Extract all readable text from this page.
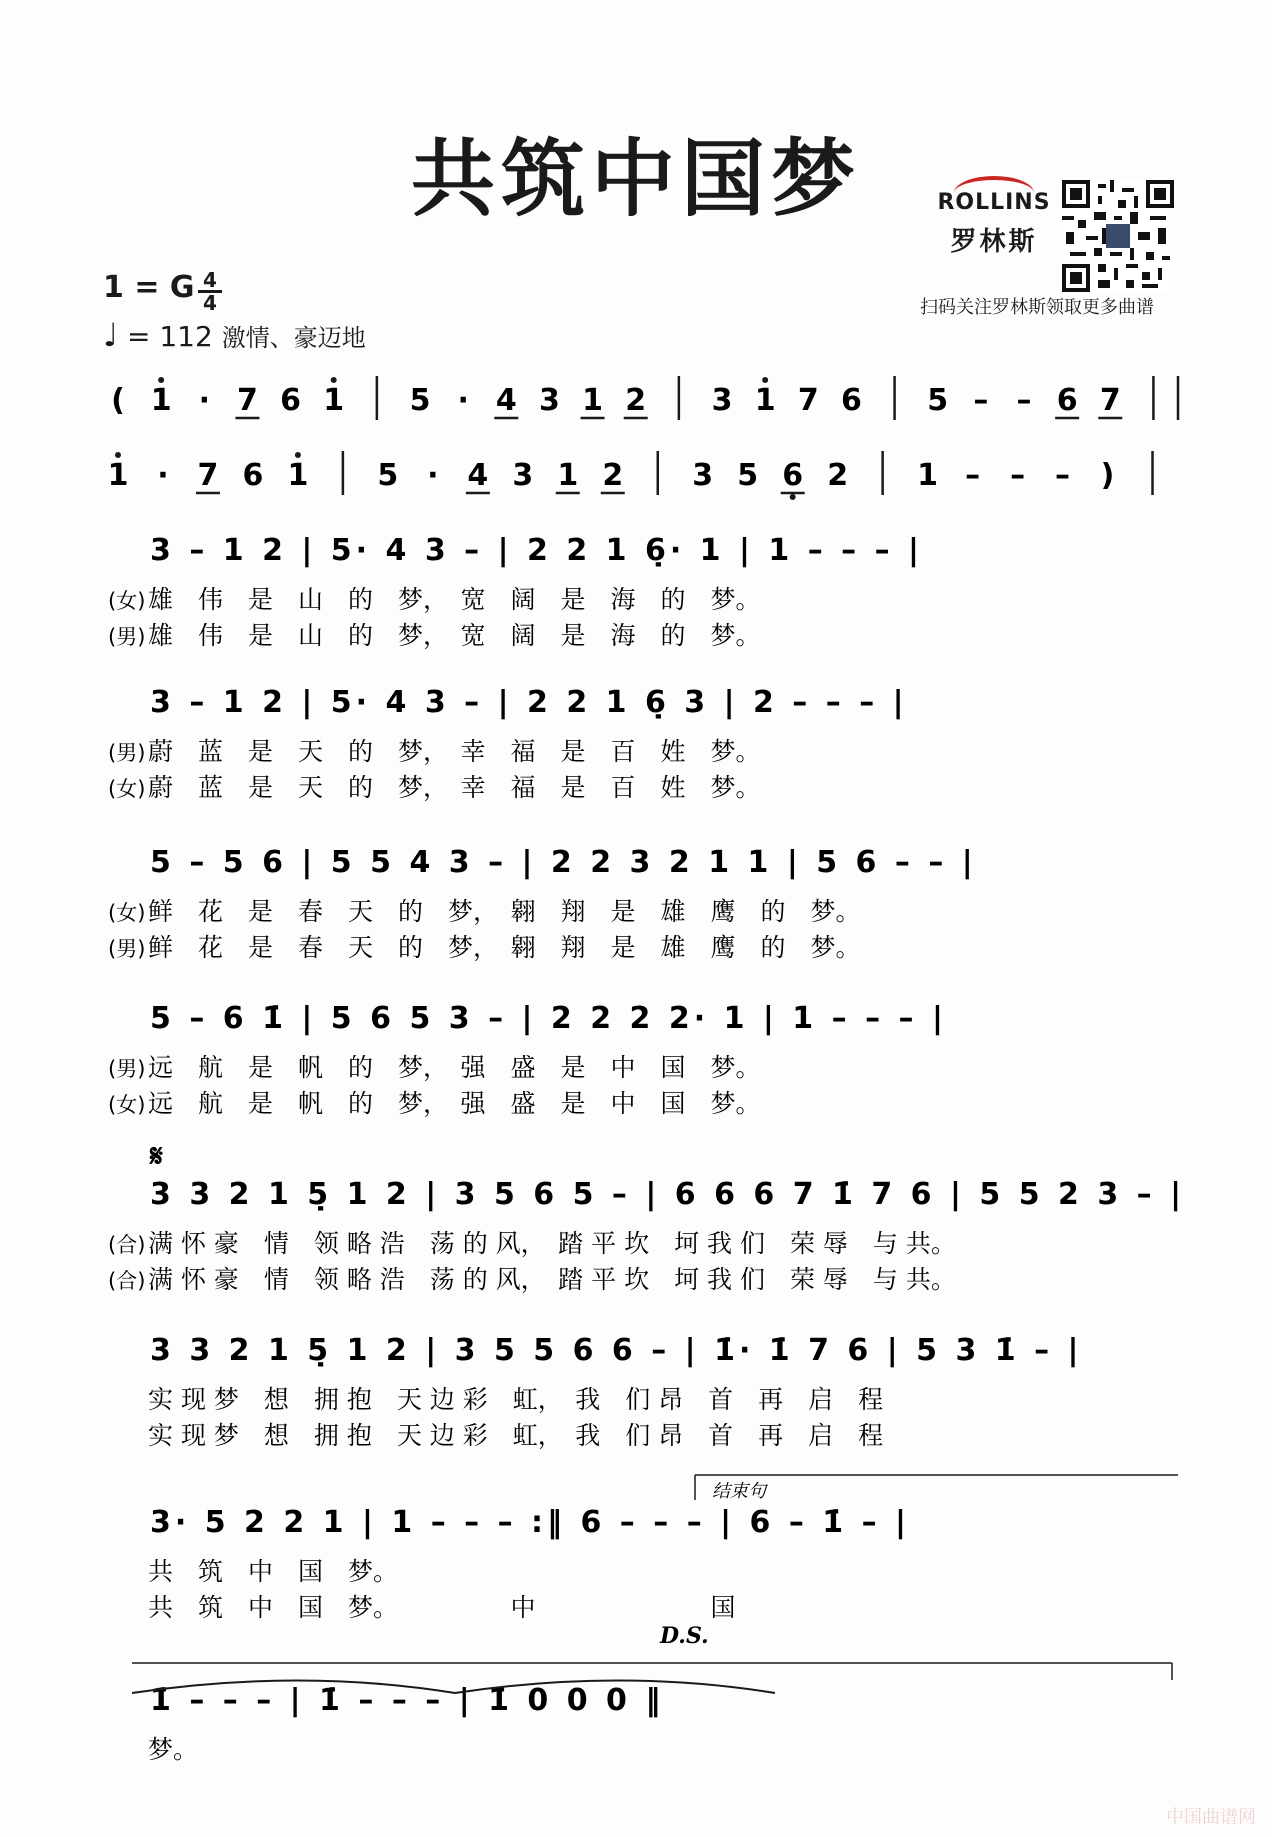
共筑中国梦	ROLLINS
罗林斯
扫码关注罗林斯领取更多曲谱
1 = G $\frac{4}{4}$
♩ = 112 激情、豪迈地
中国曲谱网
( 1 · 7 6 1 5 · 4 3 1 2 3 1 7 6 5 – – 6 7
1 · 7 6 1 5 · 4 3 1 2 3 5 6 2 1 – – – )
3 – 1 2 | 5· 4 3 – | 2 2 1 6̣· 1 | 1 – – – |
(女) 雄　伟　是　山　的　梦，　宽　阔　是　海　的　梦。
(男) 雄　伟　是　山　的　梦，　宽　阔　是　海　的　梦。
3 – 1 2 | 5· 4 3 – | 2 2 1 6̣ 3 | 2 – – – |
(男) 蔚　蓝　是　天　的　梦，　幸　福　是　百　姓　梦。
(女) 蔚　蓝　是　天　的　梦，　幸　福　是　百　姓　梦。
5 – 5 6 | 5 5 4 3 – | 2 2 3 2 1 1 | 5 6 – – |
(女) 鲜　花　是　春　天　的　梦，　翱　翔　是　雄　鹰　的　梦。
(男) 鲜　花　是　春　天　的　梦，　翱　翔　是　雄　鹰　的　梦。
5 – 6 1̇ | 5 6 5 3 – | 2 2 2 2· 1 | 1 – – – |
(男) 远　航　是　帆　的　梦，　强　盛　是　中　国　梦。
(女) 远　航　是　帆　的　梦，　强　盛　是　中　国　梦。
3 3 2 1 5̣ 1 2 | 3 5 6 5 – | 6 6 6 7 1̇ 7 6 | 5 5 2 3 – |
𝄋
(合) 满 怀 豪　情　领 略 浩　荡 的 风，　踏 平 坎　坷 我 们　荣 辱　与 共。
(合) 满 怀 豪　情　领 略 浩　荡 的 风，　踏 平 坎　坷 我 们　荣 辱　与 共。
3 3 2 1 5̣ 1 2 | 3 5 5 6 6 – | 1̇· 1̇ 7 6 | 5 3 1̇ – |
实 现 梦　想　拥 抱　天 边 彩　虹，　我　们 昂　首　再　启　程
实 现 梦　想　拥 抱　天 边 彩　虹，　我　们 昂　首　再　启　程
3· 5 2 2 1 | 1 – – – :‖ 6 – – – | 6 – 1̇ – |
结束句
D.S.
共　筑　中　国　梦。
共　筑　中　国　梦。　　　　　中　　　　　　　国
1̇ – – – | 1̇ – – – | 1̇ 0 0 0 ‖
梦。
